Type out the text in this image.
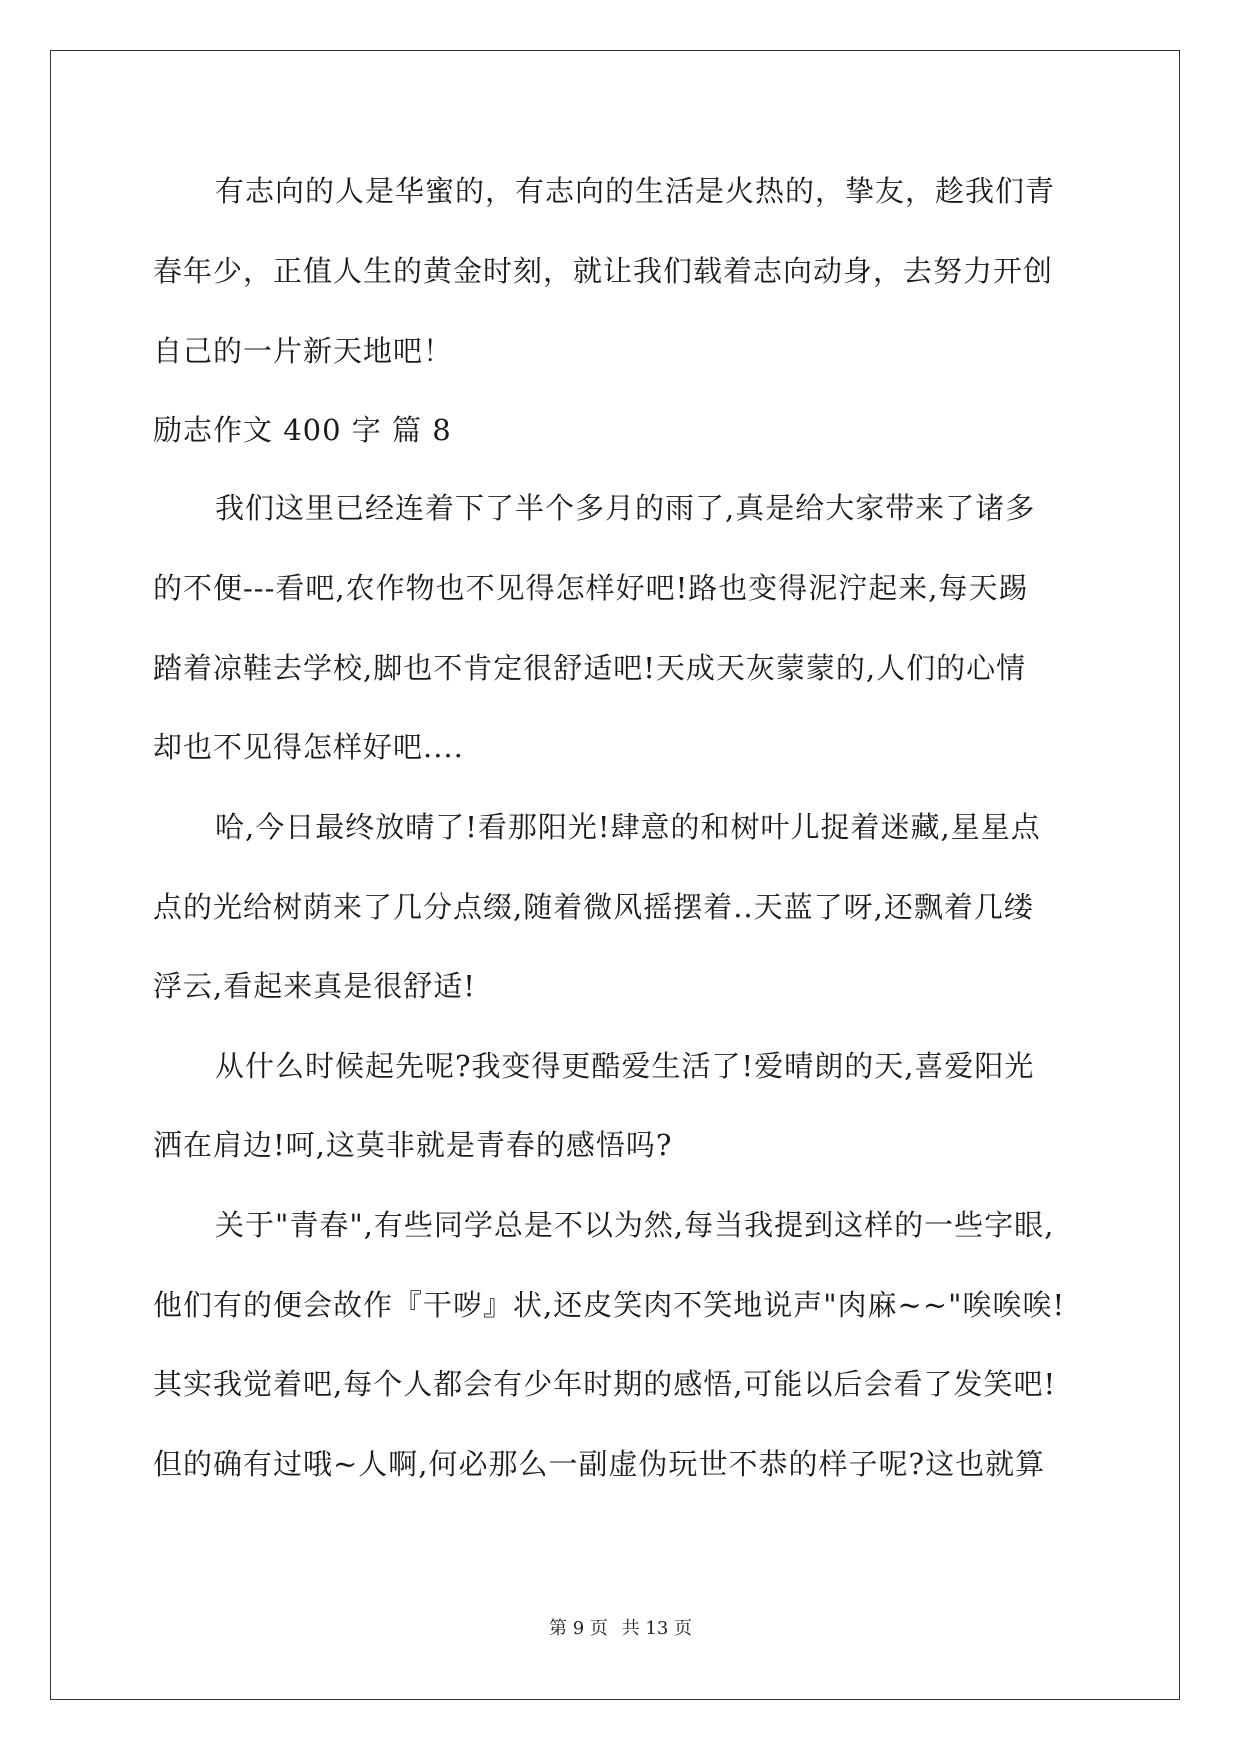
有志向的人是华蜜的，有志向的生活是火热的，挚友，趁我们青
春年少，正值人生的黄金时刻，就让我们载着志向动身，去努力开创
自己的一片新天地吧！
励志作文 400 字 篇 8
我们这里已经连着下了半个多月的雨了,真是给大家带来了诸多
的不便---看吧,农作物也不见得怎样好吧!路也变得泥泞起来,每天踢
踏着凉鞋去学校,脚也不肯定很舒适吧!天成天灰蒙蒙的,人们的心情
却也不见得怎样好吧....
哈,今日最终放晴了!看那阳光!肆意的和树叶儿捉着迷藏,星星点
点的光给树荫来了几分点缀,随着微风摇摆着..天蓝了呀,还飘着几缕
浮云,看起来真是很舒适!
从什么时候起先呢?我变得更酷爱生活了!爱晴朗的天,喜爱阳光
洒在肩边!呵,这莫非就是青春的感悟吗?
关于"青春",有些同学总是不以为然,每当我提到这样的一些字眼,
他们有的便会故作『干哕』状,还皮笑肉不笑地说声"肉麻~~"唉唉唉!
其实我觉着吧,每个人都会有少年时期的感悟,可能以后会看了发笑吧!
但的确有过哦~人啊,何必那么一副虚伪玩世不恭的样子呢?这也就算
第 9 页 共 13 页
